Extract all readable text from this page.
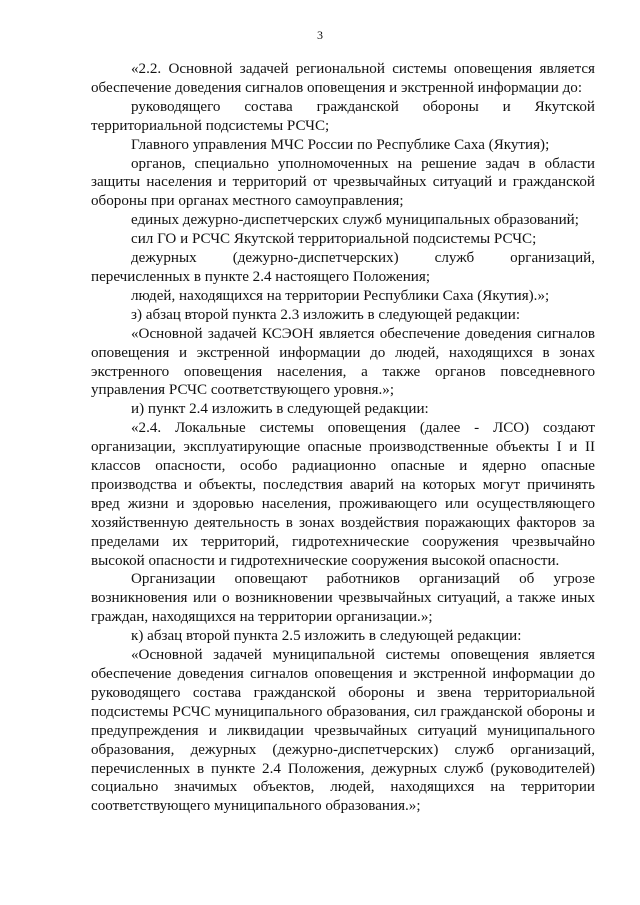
3

«2.2. Основной задачей региональной системы оповещения является обеспечение доведения сигналов оповещения и экстренной информации до:

руководящего состава гражданской обороны и Якутской территориальной подсистемы РСЧС;

Главного управления МЧС России по Республике Саха (Якутия);

органов, специально уполномоченных на решение задач в области защиты населения и территорий от чрезвычайных ситуаций и гражданской обороны при органах местного самоуправления;

единых дежурно-диспетчерских служб муниципальных образований;

сил ГО и РСЧС Якутской территориальной подсистемы РСЧС;

дежурных (дежурно-диспетчерских) служб организаций, перечисленных в пункте 2.4 настоящего Положения;

людей, находящихся на территории Республики Саха (Якутия).»;

з) абзац второй пункта 2.3 изложить в следующей редакции:

«Основной задачей КСЭОН является обеспечение доведения сигналов оповещения и экстренной информации до людей, находящихся в зонах экстренного оповещения населения, а также органов повседневного управления РСЧС соответствующего уровня.»;

и) пункт 2.4 изложить в следующей редакции:

«2.4. Локальные системы оповещения (далее - ЛСО) создают организации, эксплуатирующие опасные производственные объекты I и II классов опасности, особо радиационно опасные и ядерно опасные производства и объекты, последствия аварий на которых могут причинять вред жизни и здоровью населения, проживающего или осуществляющего хозяйственную деятельность в зонах воздействия поражающих факторов за пределами их территорий, гидротехнические сооружения чрезвычайно высокой опасности и гидротехнические сооружения высокой опасности.

Организации оповещают работников организаций об угрозе возникновения или о возникновении чрезвычайных ситуаций, а также иных граждан, находящихся на территории организации.»;

к) абзац второй пункта 2.5 изложить в следующей редакции:

«Основной задачей муниципальной системы оповещения является обеспечение доведения сигналов оповещения и экстренной информации до руководящего состава гражданской обороны и звена территориальной подсистемы РСЧС муниципального образования, сил гражданской обороны и предупреждения и ликвидации чрезвычайных ситуаций муниципального образования, дежурных (дежурно-диспетчерских) служб организаций, перечисленных в пункте 2.4 Положения, дежурных служб (руководителей) социально значимых объектов, людей, находящихся на территории соответствующего муниципального образования.»;
